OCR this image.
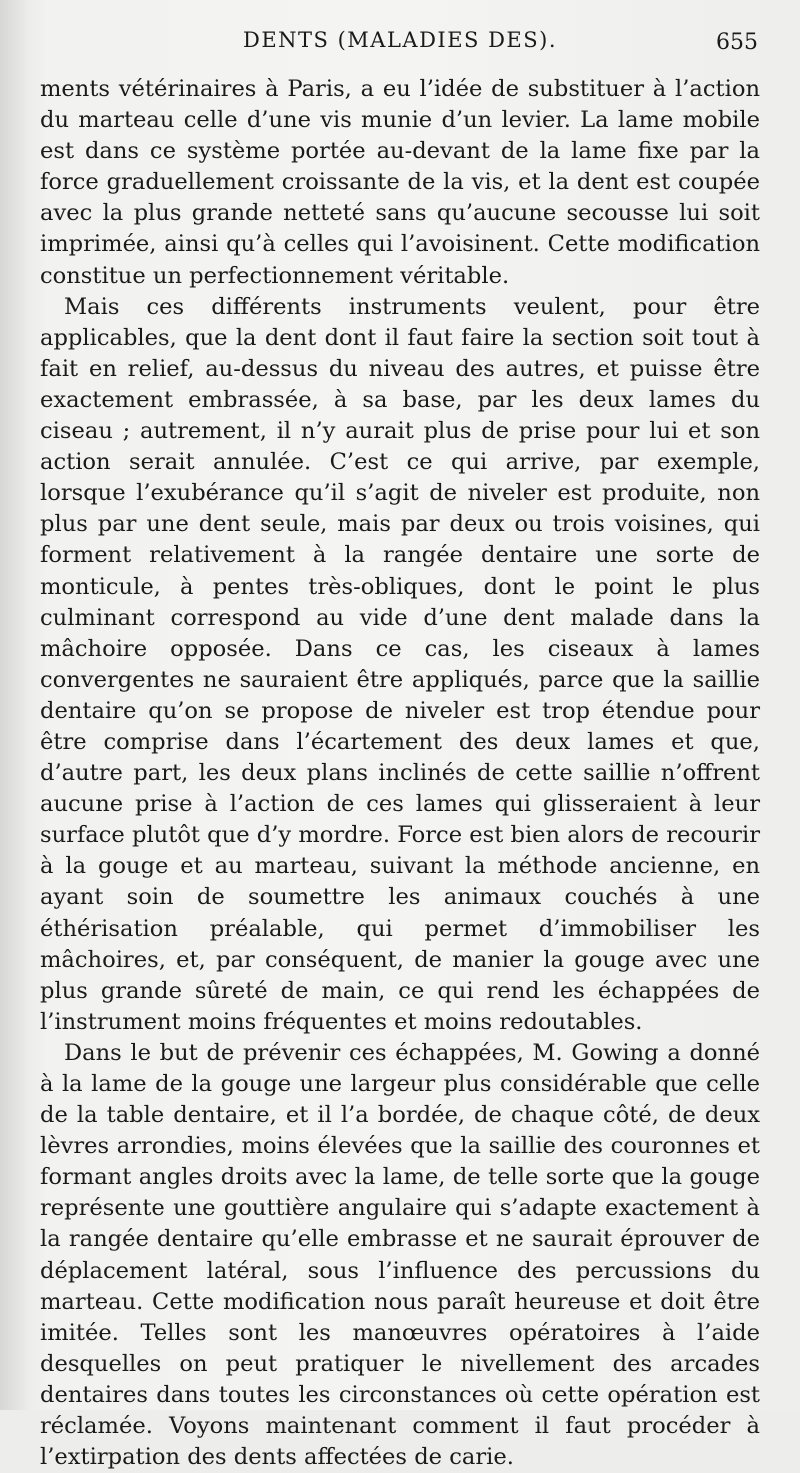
DENTS (MALADIES DES).	655

ments vétérinaires à Paris, a eu l’idée de substituer à l’action du marteau celle d’une vis munie d’un levier. La lame mobile est dans ce système portée au-devant de la lame fixe par la force graduellement croissante de la vis, et la dent est coupée avec la plus grande netteté sans qu’aucune secousse lui soit imprimée, ainsi qu’à celles qui l’avoisinent. Cette modification constitue un perfectionnement véritable.

Mais ces différents instruments veulent, pour être applicables, que la dent dont il faut faire la section soit tout à fait en relief, au-dessus du niveau des autres, et puisse être exactement embrassée, à sa base, par les deux lames du ciseau ; autrement, il n’y aurait plus de prise pour lui et son action serait annulée. C’est ce qui arrive, par exemple, lorsque l’exubérance qu’il s’agit de niveler est produite, non plus par une dent seule, mais par deux ou trois voisines, qui forment relativement à la rangée dentaire une sorte de monticule, à pentes très-obliques, dont le point le plus culminant correspond au vide d’une dent malade dans la mâchoire opposée. Dans ce cas, les ciseaux à lames convergentes ne sauraient être appliqués, parce que la saillie dentaire qu’on se propose de niveler est trop étendue pour être comprise dans l’écartement des deux lames et que, d’autre part, les deux plans inclinés de cette saillie n’offrent aucune prise à l’action de ces lames qui glisseraient à leur surface plutôt que d’y mordre. Force est bien alors de recourir à la gouge et au marteau, suivant la méthode ancienne, en ayant soin de soumettre les animaux couchés à une éthérisation préalable, qui permet d’immobiliser les mâchoires, et, par conséquent, de manier la gouge avec une plus grande sûreté de main, ce qui rend les échappées de l’instrument moins fréquentes et moins redoutables.

Dans le but de prévenir ces échappées, M. Gowing a donné à la lame de la gouge une largeur plus considérable que celle de la table dentaire, et il l’a bordée, de chaque côté, de deux lèvres arrondies, moins élevées que la saillie des couronnes et formant angles droits avec la lame, de telle sorte que la gouge représente une gouttière angulaire qui s’adapte exactement à la rangée dentaire qu’elle embrasse et ne saurait éprouver de déplacement latéral, sous l’influence des percussions du marteau. Cette modification nous paraît heureuse et doit être imitée. Telles sont les manœuvres opératoires à l’aide desquelles on peut pratiquer le nivellement des arcades dentaires dans toutes les circonstances où cette opération est réclamée. Voyons maintenant comment il faut procéder à l’extirpation des dents affectées de carie.
